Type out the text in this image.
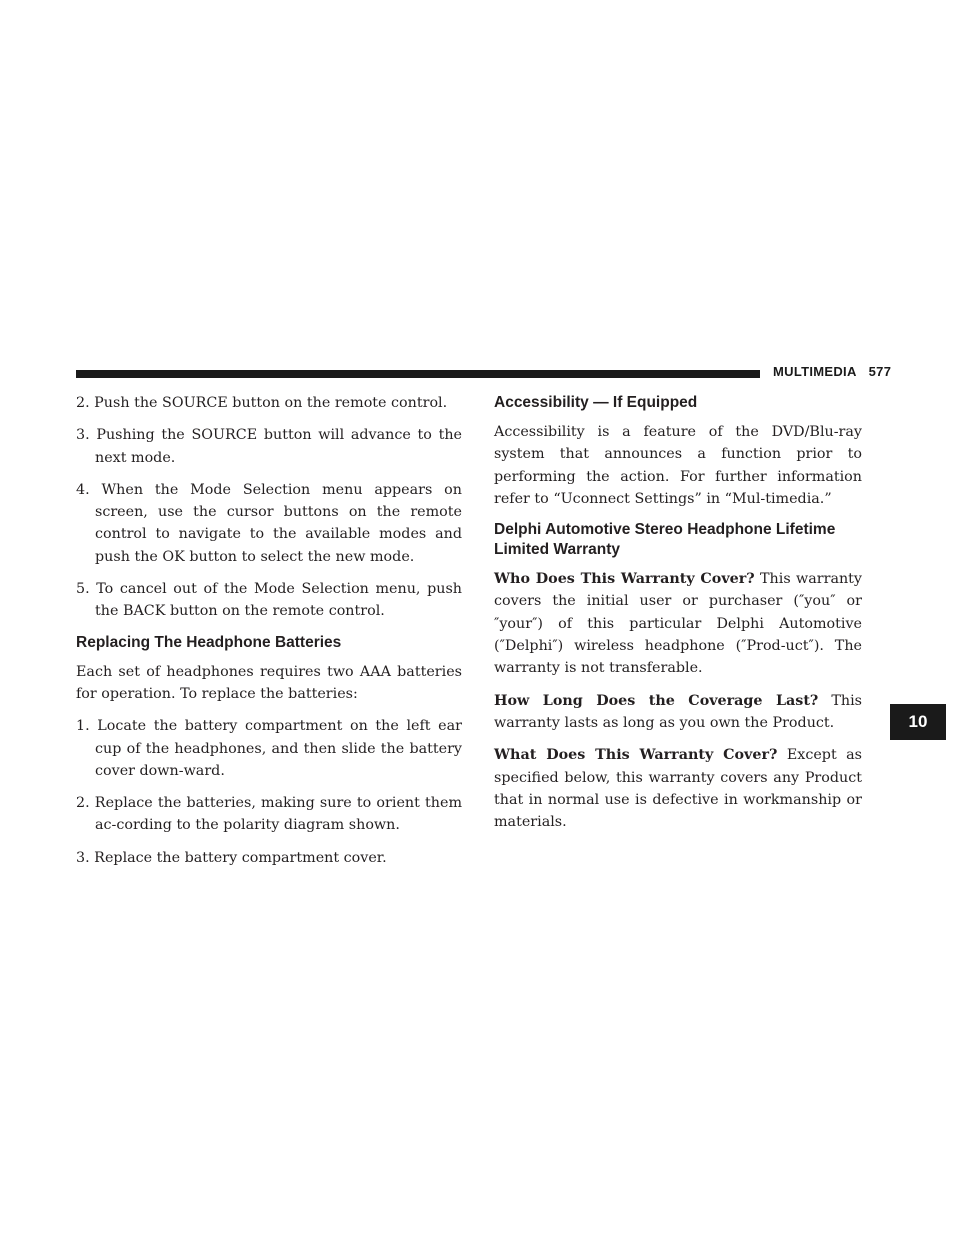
MULTIMEDIA 577
2. Push the SOURCE button on the remote control.
3. Pushing the SOURCE button will advance to the next mode.
4. When the Mode Selection menu appears on screen, use the cursor buttons on the remote control to navigate to the available modes and push the OK button to select the new mode.
5. To cancel out of the Mode Selection menu, push the BACK button on the remote control.
Replacing The Headphone Batteries

Each set of headphones requires two AAA batteries for operation. To replace the batteries:

1. Locate the battery compartment on the left ear cup of the headphones, and then slide the battery cover down-ward.
2. Replace the batteries, making sure to orient them ac-cording to the polarity diagram shown.
3. Replace the battery compartment cover.
Accessibility — If Equipped

Accessibility is a feature of the DVD/Blu-ray system that announces a function prior to performing the action. For further information refer to “Uconnect Settings” in “Mul-timedia.”

Delphi Automotive Stereo Headphone Lifetime Limited Warranty

Who Does This Warranty Cover? This warranty covers the initial user or purchaser (″you″ or ″your″) of this particular Delphi Automotive (″Delphi″) wireless headphone (″Prod-uct″). The warranty is not transferable.

How Long Does the Coverage Last? This warranty lasts as long as you own the Product.

What Does This Warranty Cover? Except as specified below, this warranty covers any Product that in normal use is defective in workmanship or materials.

10
